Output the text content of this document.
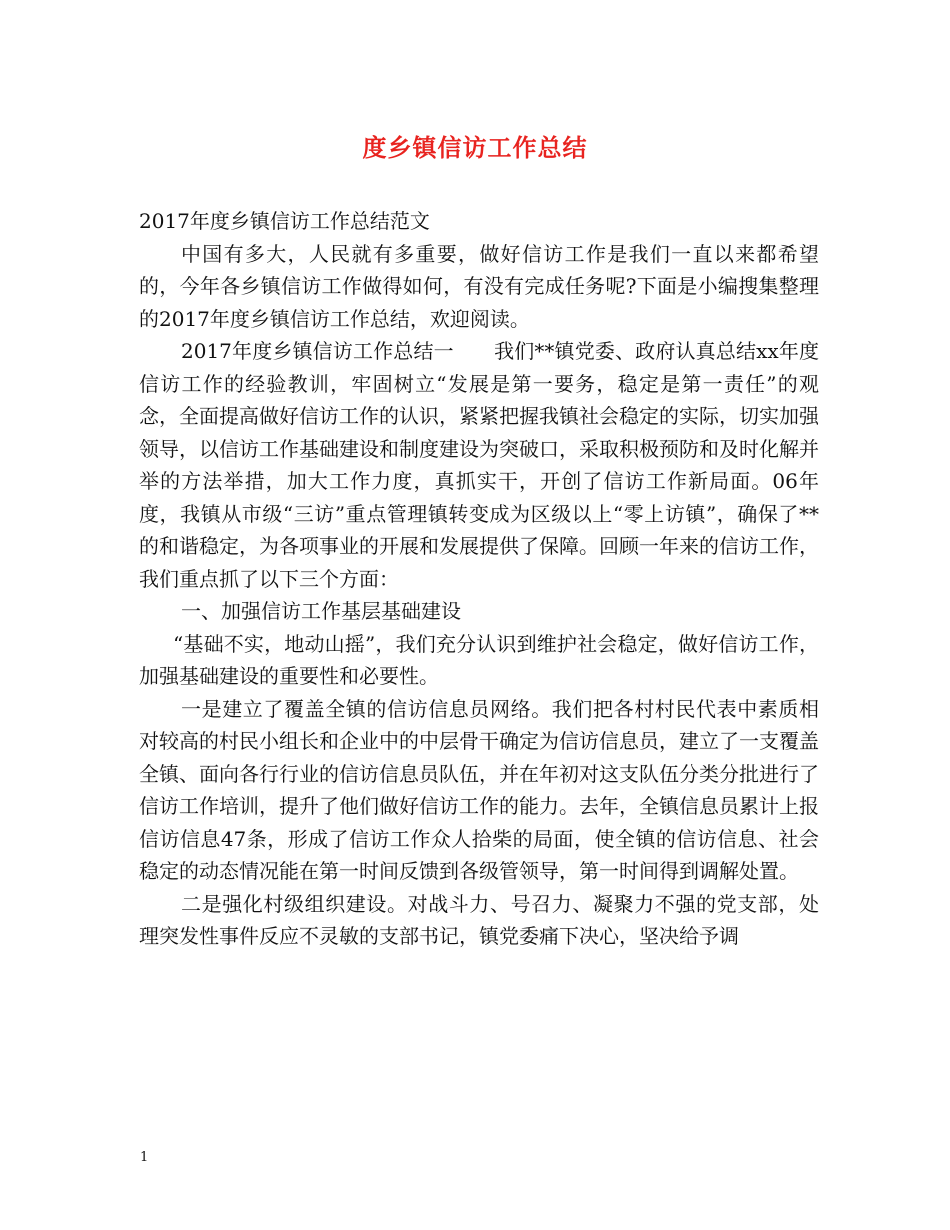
度乡镇信访工作总结

2017年度乡镇信访工作总结范文

中国有多大，人民就有多重要，做好信访工作是我们一直以来都希望的，今年各乡镇信访工作做得如何，有没有完成任务呢?下面是小编搜集整理的2017年度乡镇信访工作总结，欢迎阅读。

2017年度乡镇信访工作总结一　　我们**镇党委、政府认真总结xx年度信访工作的经验教训，牢固树立“发展是第一要务，稳定是第一责任”的观念，全面提高做好信访工作的认识，紧紧把握我镇社会稳定的实际，切实加强领导，以信访工作基础建设和制度建设为突破口，采取积极预防和及时化解并举的方法举措，加大工作力度，真抓实干，开创了信访工作新局面。06年度，我镇从市级“三访”重点管理镇转变成为区级以上“零上访镇”，确保了**的和谐稳定，为各项事业的开展和发展提供了保障。回顾一年来的信访工作，我们重点抓了以下三个方面：

一、加强信访工作基层基础建设

“基础不实，地动山摇”，我们充分认识到维护社会稳定，做好信访工作，加强基础建设的重要性和必要性。

一是建立了覆盖全镇的信访信息员网络。我们把各村村民代表中素质相对较高的村民小组长和企业中的中层骨干确定为信访信息员，建立了一支覆盖全镇、面向各行行业的信访信息员队伍，并在年初对这支队伍分类分批进行了信访工作培训，提升了他们做好信访工作的能力。去年，全镇信息员累计上报信访信息47条，形成了信访工作众人拾柴的局面，使全镇的信访信息、社会稳定的动态情况能在第一时间反馈到各级管领导，第一时间得到调解处置。

二是强化村级组织建设。对战斗力、号召力、凝聚力不强的党支部，处理突发性事件反应不灵敏的支部书记，镇党委痛下决心，坚决给予调

1
